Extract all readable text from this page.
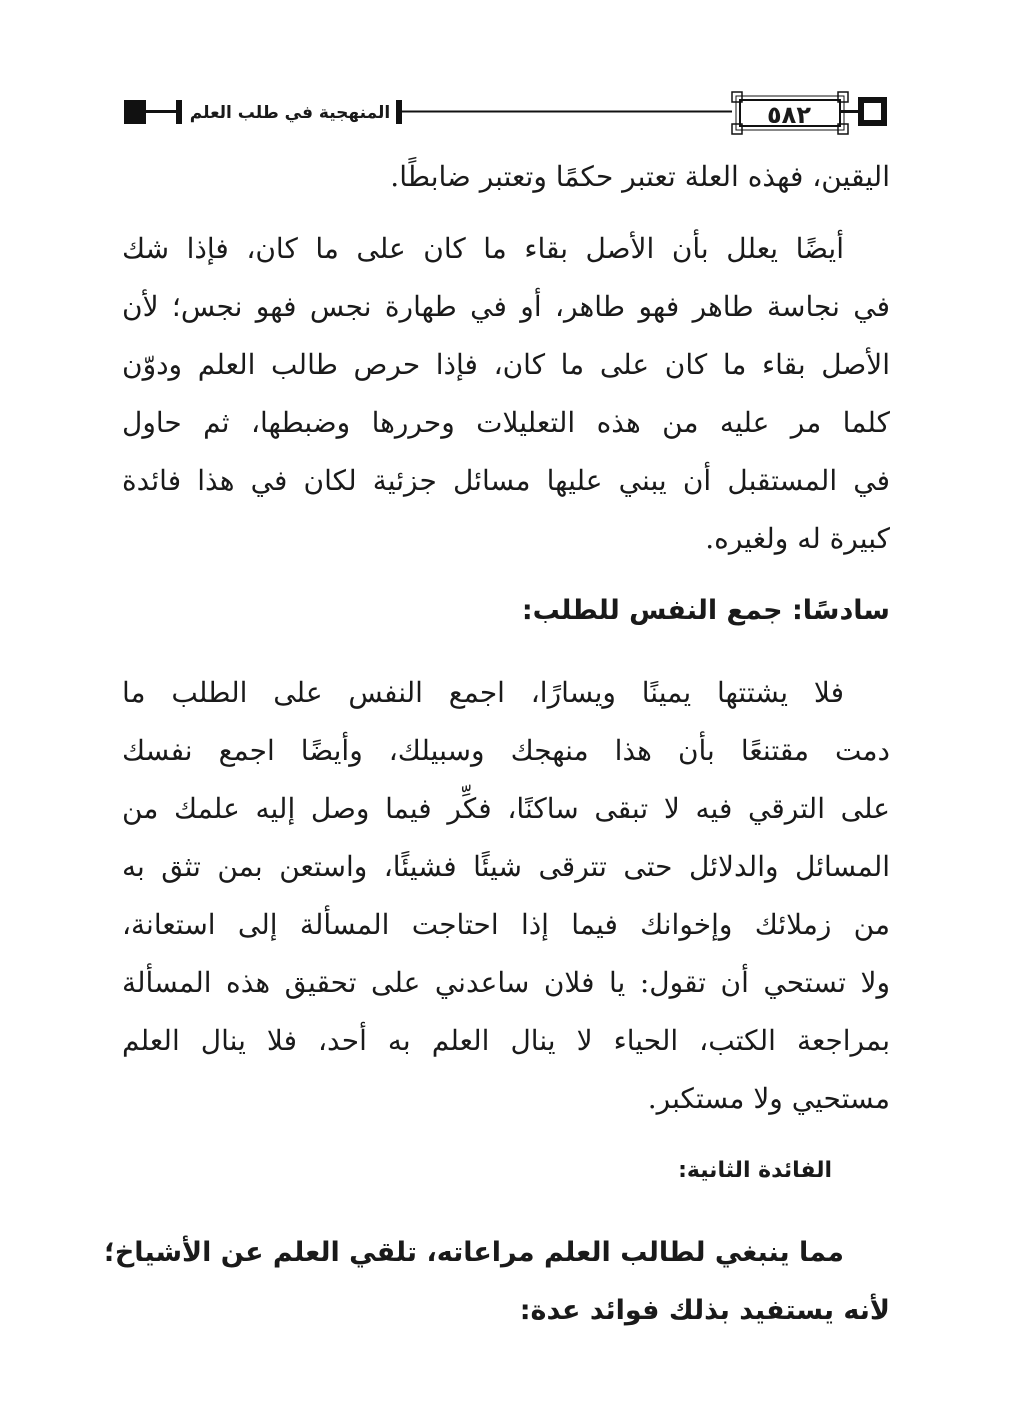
٥٨٢
المنهجية في طلب العلم
اليقين، فهذه العلة تعتبر حكمًا وتعتبر ضابطًا.
أيضًا يعلل بأن الأصل بقاء ما كان على ما كان، فإذا شك
في نجاسة طاهر فهو طاهر، أو في طهارة نجس فهو نجس؛ لأن
الأصل بقاء ما كان على ما كان، فإذا حرص طالب العلم ودوّن
كلما مر عليه من هذه التعليلات وحررها وضبطها، ثم حاول
في المستقبل أن يبني عليها مسائل جزئية لكان في هذا فائدة
كبيرة له ولغيره.
سادسًا: جمع النفس للطلب:
فلا يشتتها يمينًا ويسارًا، اجمع النفس على الطلب ما
دمت مقتنعًا بأن هذا منهجك وسبيلك، وأيضًا اجمع نفسك
على الترقي فيه لا تبقى ساكنًا، فكِّر فيما وصل إليه علمك من
المسائل والدلائل حتى تترقى شيئًا فشيئًا، واستعن بمن تثق به
من زملائك وإخوانك فيما إذا احتاجت المسألة إلى استعانة،
ولا تستحي أن تقول: يا فلان ساعدني على تحقيق هذه المسألة
بمراجعة الكتب، الحياء لا ينال العلم به أحد، فلا ينال العلم
مستحيي ولا مستكبر.
الفائدة الثانية:
مما ينبغي لطالب العلم مراعاته، تلقي العلم عن الأشياخ؛
لأنه يستفيد بذلك فوائد عدة:
